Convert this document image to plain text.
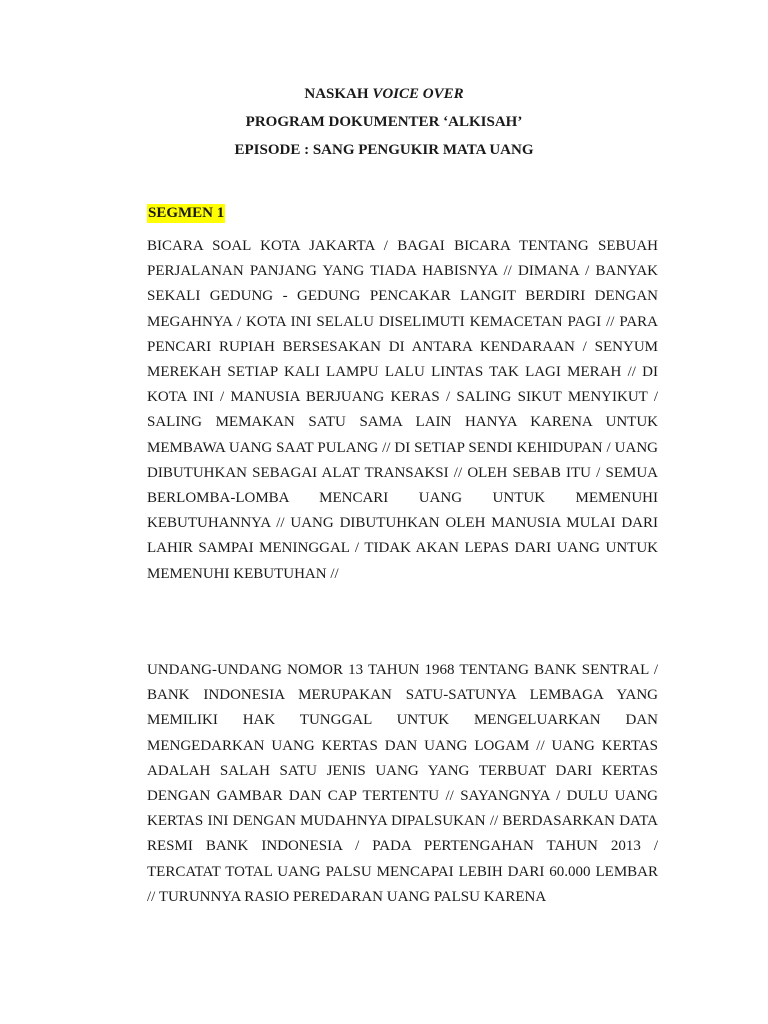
NASKAH VOICE OVER
PROGRAM DOKUMENTER ‘ALKISAH’
EPISODE : SANG PENGUKIR MATA UANG
SEGMEN 1

BICARA SOAL KOTA JAKARTA / BAGAI BICARA TENTANG SEBUAH PERJALANAN PANJANG YANG TIADA HABISNYA // DIMANA / BANYAK SEKALI GEDUNG - GEDUNG PENCAKAR LANGIT BERDIRI DENGAN MEGAHNYA / KOTA INI SELALU DISELIMUTI KEMACETAN PAGI // PARA PENCARI RUPIAH BERSESAKAN DI ANTARA KENDARAAN / SENYUM MEREKAH SETIAP KALI LAMPU LALU LINTAS TAK LAGI MERAH // DI KOTA INI / MANUSIA BERJUANG KERAS / SALING SIKUT MENYIKUT / SALING MEMAKAN SATU SAMA LAIN HANYA KARENA UNTUK MEMBAWA UANG SAAT PULANG // DI SETIAP SENDI KEHIDUPAN / UANG DIBUTUHKAN SEBAGAI ALAT TRANSAKSI // OLEH SEBAB ITU / SEMUA BERLOMBA-LOMBA MENCARI UANG UNTUK MEMENUHI KEBUTUHANNYA // UANG DIBUTUHKAN OLEH MANUSIA MULAI DARI LAHIR SAMPAI MENINGGAL / TIDAK AKAN LEPAS DARI UANG UNTUK MEMENUHI KEBUTUHAN //

UNDANG-UNDANG NOMOR 13 TAHUN 1968 TENTANG BANK SENTRAL / BANK INDONESIA MERUPAKAN SATU-SATUNYA LEMBAGA YANG MEMILIKI HAK TUNGGAL UNTUK MENGELUARKAN DAN MENGEDARKAN UANG KERTAS DAN UANG LOGAM // UANG KERTAS ADALAH SALAH SATU JENIS UANG YANG TERBUAT DARI KERTAS DENGAN GAMBAR DAN CAP TERTENTU // SAYANGNYA / DULU UANG KERTAS INI DENGAN MUDAHNYA DIPALSUKAN // BERDASARKAN DATA RESMI BANK INDONESIA / PADA PERTENGAHAN TAHUN 2013 / TERCATAT TOTAL UANG PALSU MENCAPAI LEBIH DARI 60.000 LEMBAR // TURUNNYA RASIO PEREDARAN UANG PALSU KARENA
